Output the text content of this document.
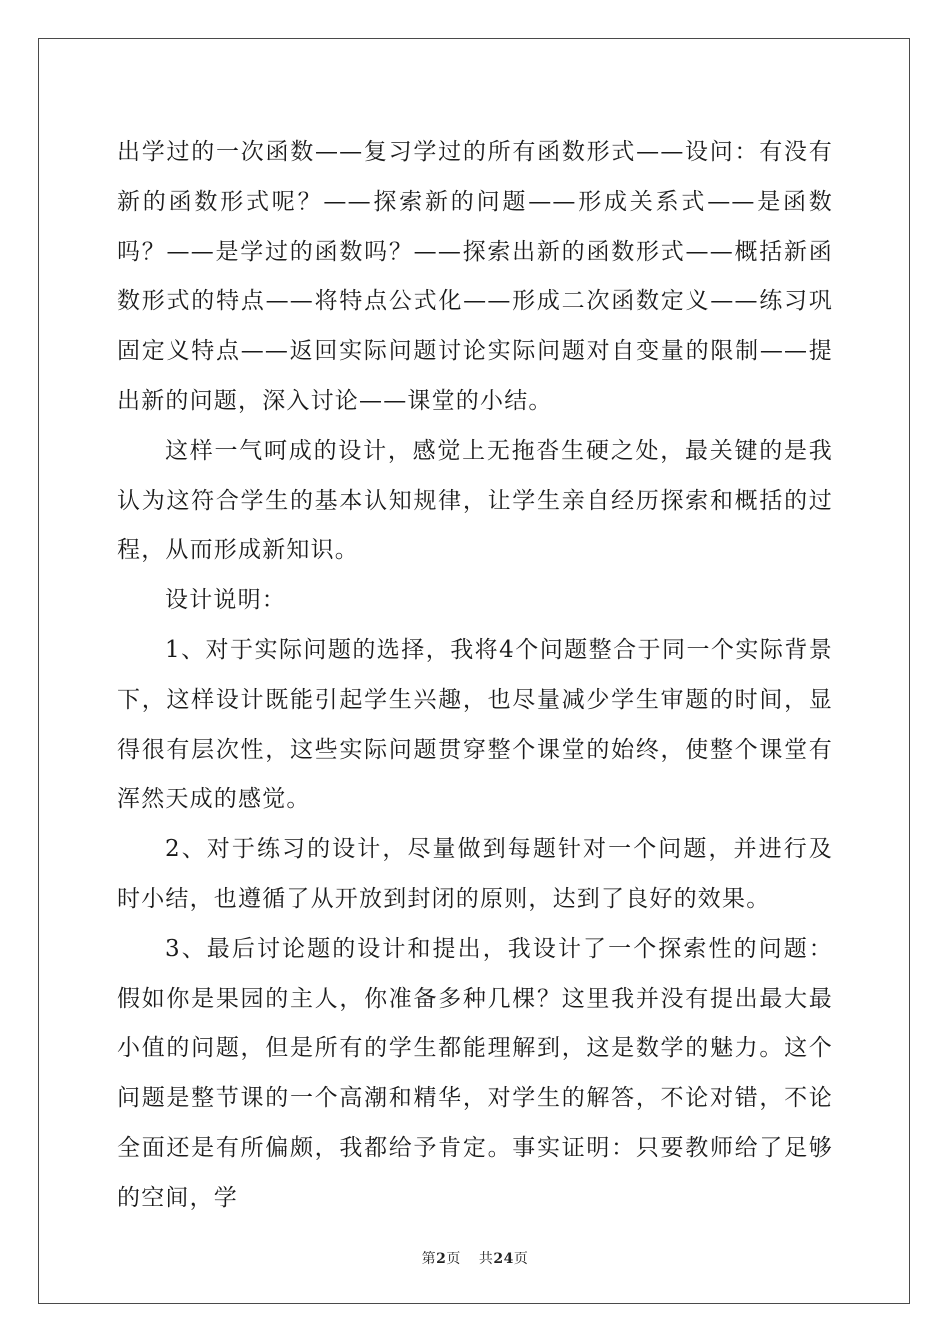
出学过的一次函数——复习学过的所有函数形式——设问：有没有新的函数形式呢？——探索新的问题——形成关系式——是函数吗？——是学过的函数吗？——探索出新的函数形式——概括新函数形式的特点——将特点公式化——形成二次函数定义——练习巩固定义特点——返回实际问题讨论实际问题对自变量的限制——提出新的问题，深入讨论——课堂的小结。

这样一气呵成的设计，感觉上无拖沓生硬之处，最关键的是我认为这符合学生的基本认知规律，让学生亲自经历探索和概括的过程，从而形成新知识。

设计说明：

1、对于实际问题的选择，我将4个问题整合于同一个实际背景下，这样设计既能引起学生兴趣，也尽量减少学生审题的时间，显得很有层次性，这些实际问题贯穿整个课堂的始终，使整个课堂有浑然天成的感觉。

2、对于练习的设计，尽量做到每题针对一个问题，并进行及时小结，也遵循了从开放到封闭的原则，达到了良好的效果。

3、最后讨论题的设计和提出，我设计了一个探索性的问题：假如你是果园的主人，你准备多种几棵？这里我并没有提出最大最小值的问题，但是所有的学生都能理解到，这是数学的魅力。这个问题是整节课的一个高潮和精华，对学生的解答，不论对错，不论全面还是有所偏颇，我都给予肯定。事实证明：只要教师给了足够的空间，学

第2页 共24页
